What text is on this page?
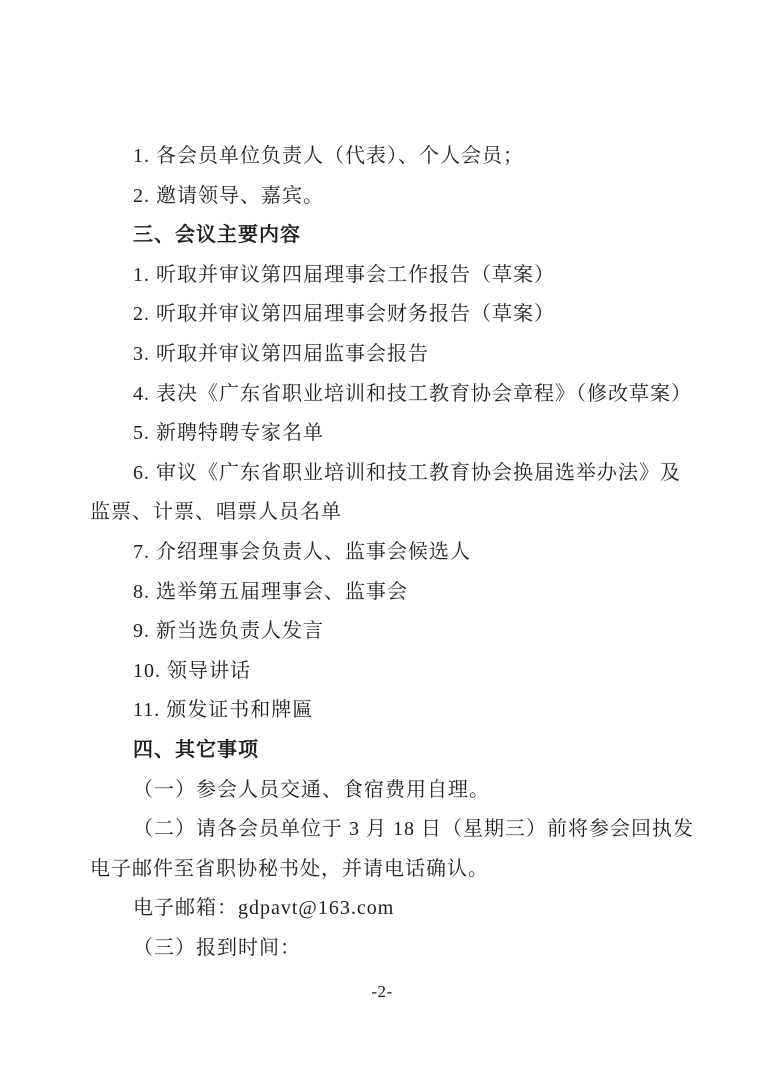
1. 各会员单位负责人（代表）、个人会员；

2. 邀请领导、嘉宾。

三、会议主要内容

1. 听取并审议第四届理事会工作报告（草案）

2. 听取并审议第四届理事会财务报告（草案）

3. 听取并审议第四届监事会报告

4. 表决《广东省职业培训和技工教育协会章程》（修改草案）

5. 新聘特聘专家名单

6. 审议《广东省职业培训和技工教育协会换届选举办法》及

监票、计票、唱票人员名单

7. 介绍理事会负责人、监事会候选人

8. 选举第五届理事会、监事会

9. 新当选负责人发言

10. 领导讲话

11. 颁发证书和牌匾

四、其它事项

（一）参会人员交通、食宿费用自理。

（二）请各会员单位于 3 月 18 日（星期三）前将参会回执发

电子邮件至省职协秘书处，并请电话确认。

电子邮箱：gdpavt@163.com

（三）报到时间：

-2-
